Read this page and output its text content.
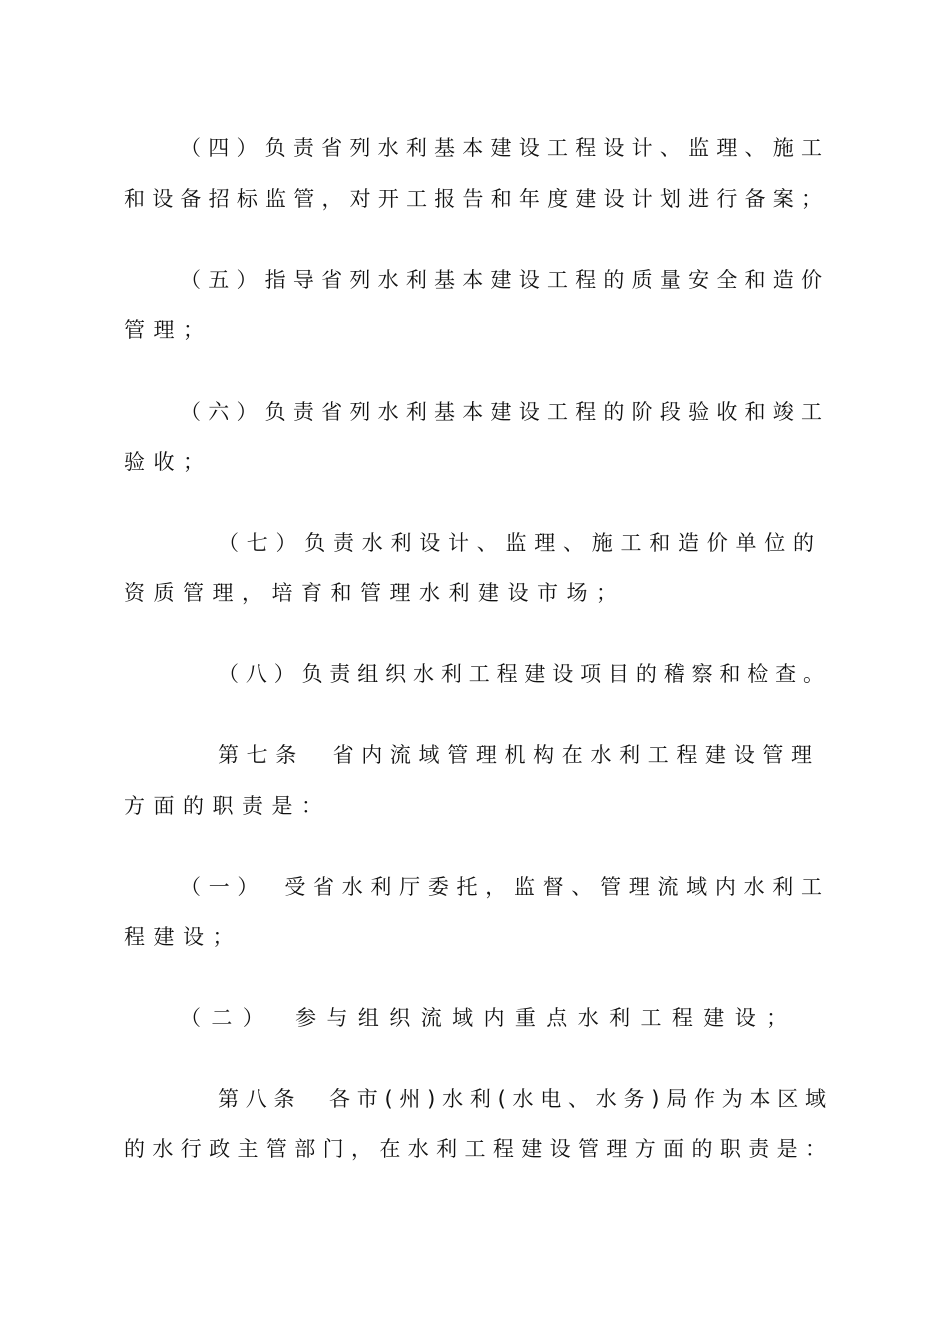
（四）负责省列水利基本建设工程设计、监理、施工
和设备招标监管，对开工报告和年度建设计划进行备案；
（五）指导省列水利基本建设工程的质量安全和造价
管理；
（六）负责省列水利基本建设工程的阶段验收和竣工
验收；
（七）负责水利设计、监理、施工和造价单位的
资质管理，培育和管理水利建设市场；
（八）负责组织水利工程建设项目的稽察和检查。
第七条　省内流域管理机构在水利工程建设管理
方面的职责是：
（一）　受省水利厅委托，监督、管理流域内水利工
程建设；
（二）　参与组织流域内重点水利工程建设；
第八条　各市(州)水利(水电、水务)局作为本区域
的水行政主管部门，在水利工程建设管理方面的职责是：
